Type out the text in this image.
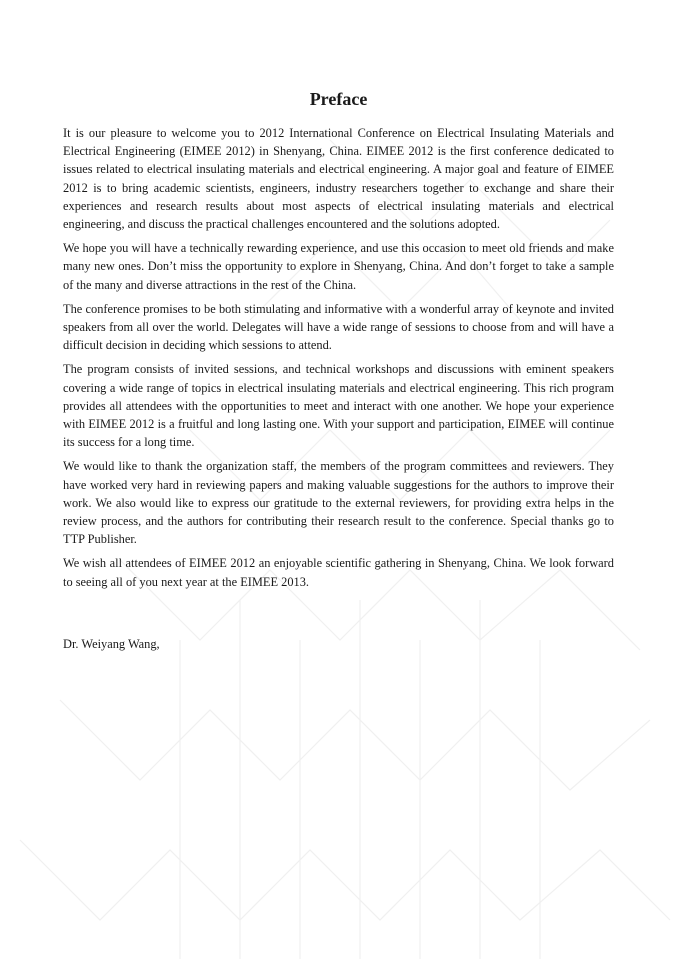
Preface

It is our pleasure to welcome you to 2012 International Conference on Electrical Insulating Materials and Electrical Engineering (EIMEE 2012) in Shenyang, China. EIMEE 2012 is the first conference dedicated to issues related to electrical insulating materials and electrical engineering. A major goal and feature of EIMEE 2012 is to bring academic scientists, engineers, industry researchers together to exchange and share their experiences and research results about most aspects of electrical insulating materials and electrical engineering, and discuss the practical challenges encountered and the solutions adopted.

We hope you will have a technically rewarding experience, and use this occasion to meet old friends and make many new ones. Don’t miss the opportunity to explore in Shenyang, China. And don’t forget to take a sample of the many and diverse attractions in the rest of the China.

The conference promises to be both stimulating and informative with a wonderful array of keynote and invited speakers from all over the world. Delegates will have a wide range of sessions to choose from and will have a difficult decision in deciding which sessions to attend.

The program consists of invited sessions, and technical workshops and discussions with eminent speakers covering a wide range of topics in electrical insulating materials and electrical engineering. This rich program provides all attendees with the opportunities to meet and interact with one another. We hope your experience with EIMEE 2012 is a fruitful and long lasting one. With your support and participation, EIMEE will continue its success for a long time.

We would like to thank the organization staff, the members of the program committees and reviewers. They have worked very hard in reviewing papers and making valuable suggestions for the authors to improve their work. We also would like to express our gratitude to the external reviewers, for providing extra helps in the review process, and the authors for contributing their research result to the conference. Special thanks go to TTP Publisher.

We wish all attendees of EIMEE 2012 an enjoyable scientific gathering in Shenyang, China. We look forward to seeing all of you next year at the EIMEE 2013.

Dr. Weiyang Wang,
